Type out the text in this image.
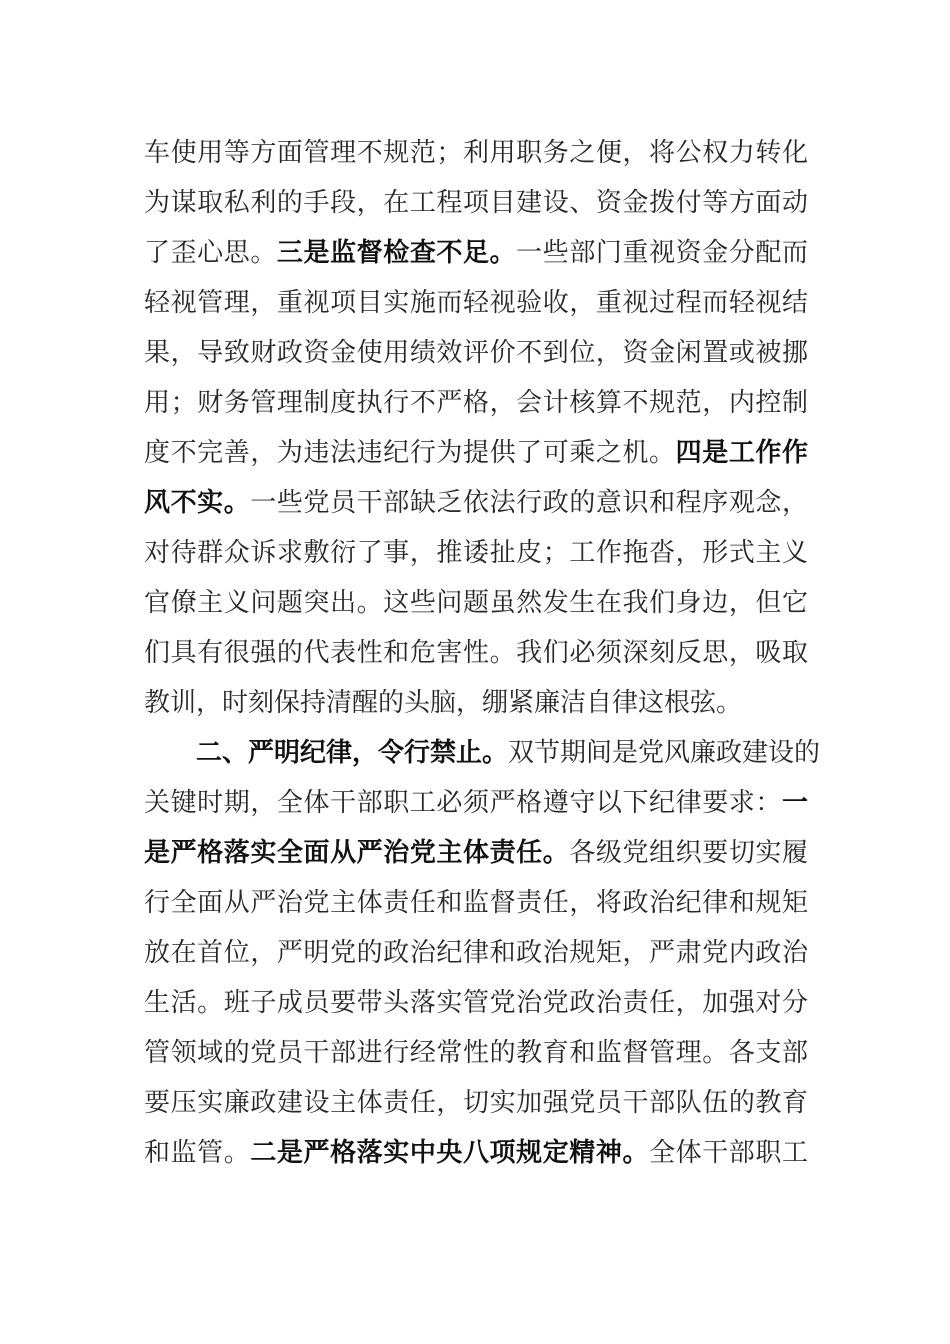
车使用等方面管理不规范；利用职务之便，将公权力转化
为谋取私利的手段，在工程项目建设、资金拨付等方面动
了歪心思。三是监督检查不足。一些部门重视资金分配而
轻视管理，重视项目实施而轻视验收，重视过程而轻视结
果，导致财政资金使用绩效评价不到位，资金闲置或被挪
用；财务管理制度执行不严格，会计核算不规范，内控制
度不完善，为违法违纪行为提供了可乘之机。四是工作作
风不实。一些党员干部缺乏依法行政的意识和程序观念，
对待群众诉求敷衍了事，推诿扯皮；工作拖沓，形式主义
官僚主义问题突出。这些问题虽然发生在我们身边，但它
们具有很强的代表性和危害性。我们必须深刻反思，吸取
教训，时刻保持清醒的头脑，绷紧廉洁自律这根弦。
二、严明纪律，令行禁止。双节期间是党风廉政建设的
关键时期，全体干部职工必须严格遵守以下纪律要求：一
是严格落实全面从严治党主体责任。各级党组织要切实履
行全面从严治党主体责任和监督责任，将政治纪律和规矩
放在首位，严明党的政治纪律和政治规矩，严肃党内政治
生活。班子成员要带头落实管党治党政治责任，加强对分
管领域的党员干部进行经常性的教育和监督管理。各支部
要压实廉政建设主体责任，切实加强党员干部队伍的教育
和监管。二是严格落实中央八项规定精神。全体干部职工
